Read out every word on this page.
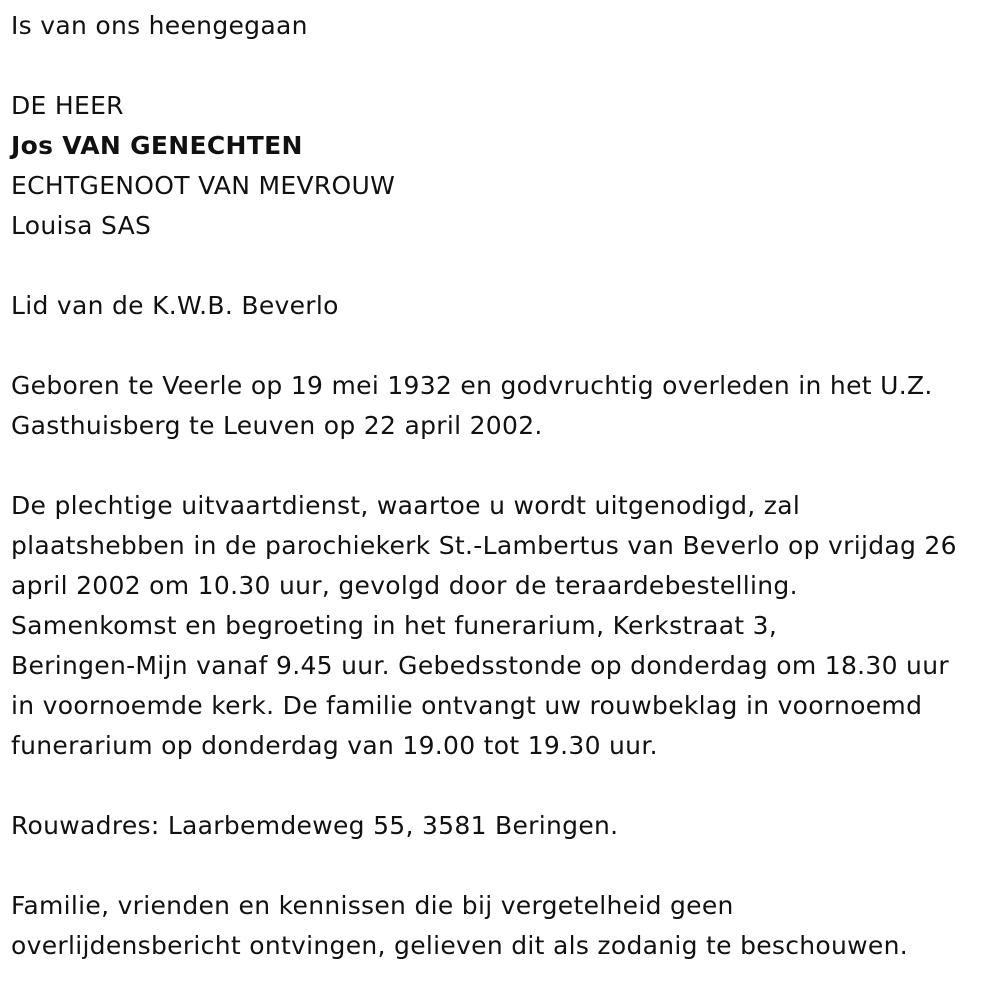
Is van ons heengegaan
DE HEER
Jos VAN GENECHTEN
ECHTGENOOT VAN MEVROUW
Louisa SAS
Lid van de K.W.B. Beverlo
Geboren te Veerle op 19 mei 1932 en godvruchtig overleden in het U.Z.
Gasthuisberg te Leuven op 22 april 2002.
De plechtige uitvaartdienst, waartoe u wordt uitgenodigd, zal
plaatshebben in de parochiekerk St.-Lambertus van Beverlo op vrijdag 26
april 2002 om 10.30 uur, gevolgd door de teraardebestelling.
Samenkomst en begroeting in het funerarium, Kerkstraat 3,
Beringen-Mijn vanaf 9.45 uur. Gebedsstonde op donderdag om 18.30 uur
in voornoemde kerk. De familie ontvangt uw rouwbeklag in voornoemd
funerarium op donderdag van 19.00 tot 19.30 uur.
Rouwadres: Laarbemdeweg 55, 3581 Beringen.
Familie, vrienden en kennissen die bij vergetelheid geen
overlijdensbericht ontvingen, gelieven dit als zodanig te beschouwen.
